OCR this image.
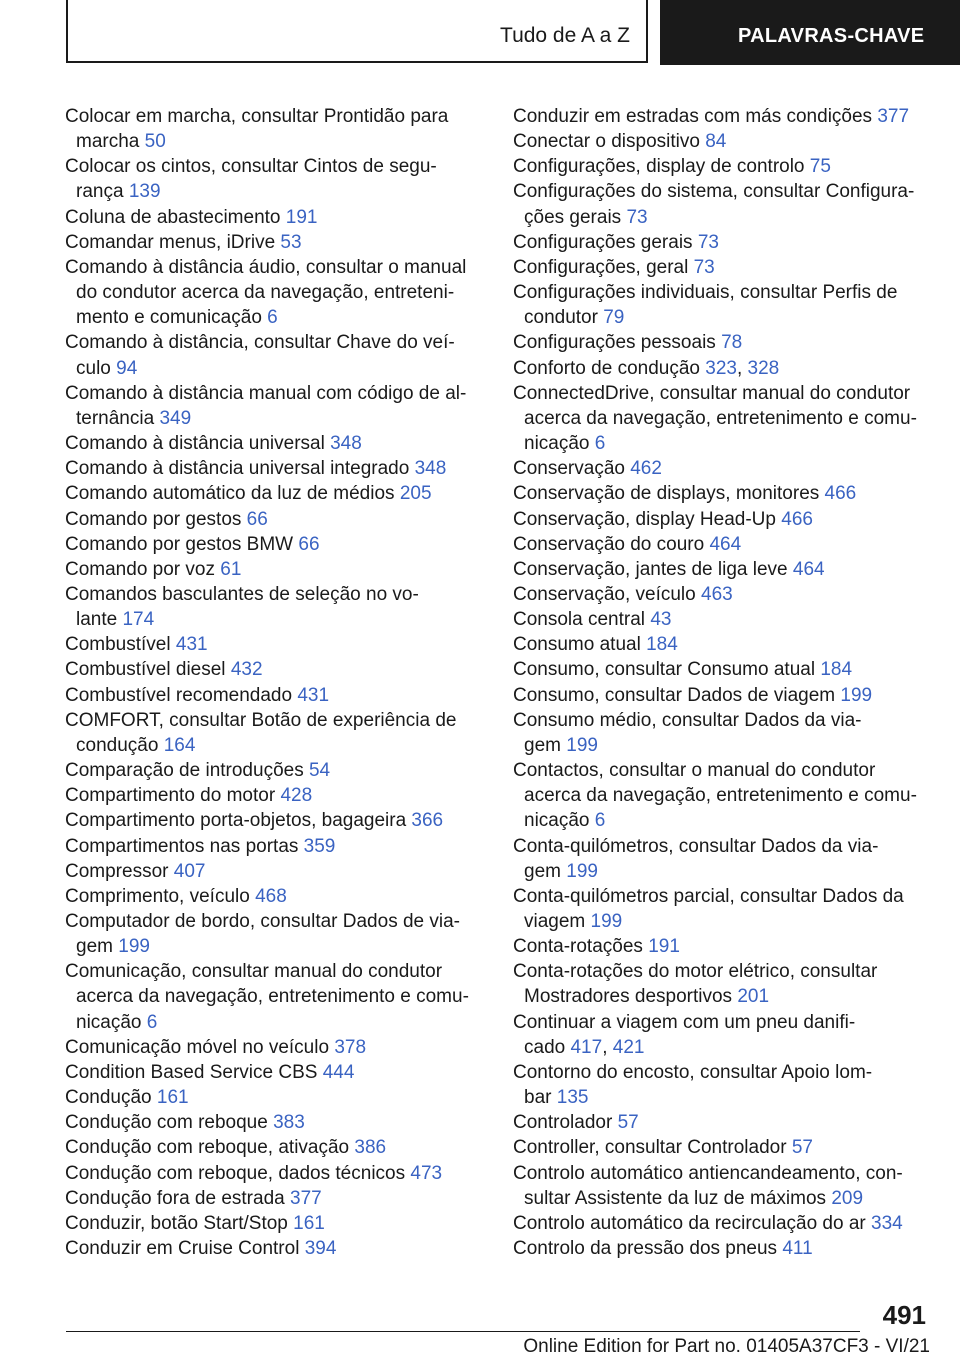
Tudo de A a Z	PALAVRAS-CHAVE
Colocar em marcha, consultar Prontidão para
marcha 50
Colocar os cintos, consultar Cintos de segu-
rança 139
Coluna de abastecimento 191
Comandar menus, iDrive 53
Comando à distância áudio, consultar o manual
do condutor acerca da navegação, entreteni-
mento e comunicação 6
Comando à distância, consultar Chave do veí-
culo 94
Comando à distância manual com código de al-
ternância 349
Comando à distância universal 348
Comando à distância universal integrado 348
Comando automático da luz de médios 205
Comando por gestos 66
Comando por gestos BMW 66
Comando por voz 61
Comandos basculantes de seleção no vo-
lante 174
Combustível 431
Combustível diesel 432
Combustível recomendado 431
COMFORT, consultar Botão de experiência de
condução 164
Comparação de introduções 54
Compartimento do motor 428
Compartimento porta-objetos, bagageira 366
Compartimentos nas portas 359
Compressor 407
Comprimento, veículo 468
Computador de bordo, consultar Dados de via-
gem 199
Comunicação, consultar manual do condutor
acerca da navegação, entretenimento e comu-
nicação 6
Comunicação móvel no veículo 378
Condition Based Service CBS 444
Condução 161
Condução com reboque 383
Condução com reboque, ativação 386
Condução com reboque, dados técnicos 473
Condução fora de estrada 377
Conduzir, botão Start/Stop 161
Conduzir em Cruise Control 394
Conduzir em estradas com más condições 377
Conectar o dispositivo 84
Configurações, display de controlo 75
Configurações do sistema, consultar Configura-
ções gerais 73
Configurações gerais 73
Configurações, geral 73
Configurações individuais, consultar Perfis de
condutor 79
Configurações pessoais 78
Conforto de condução 323, 328
ConnectedDrive, consultar manual do condutor
acerca da navegação, entretenimento e comu-
nicação 6
Conservação 462
Conservação de displays, monitores 466
Conservação, display Head-Up 466
Conservação do couro 464
Conservação, jantes de liga leve 464
Conservação, veículo 463
Consola central 43
Consumo atual 184
Consumo, consultar Consumo atual 184
Consumo, consultar Dados de viagem 199
Consumo médio, consultar Dados da via-
gem 199
Contactos, consultar o manual do condutor
acerca da navegação, entretenimento e comu-
nicação 6
Conta-quilómetros, consultar Dados da via-
gem 199
Conta-quilómetros parcial, consultar Dados da
viagem 199
Conta-rotações 191
Conta-rotações do motor elétrico, consultar
Mostradores desportivos 201
Continuar a viagem com um pneu danifi-
cado 417, 421
Contorno do encosto, consultar Apoio lom-
bar 135
Controlador 57
Controller, consultar Controlador 57
Controlo automático antiencandeamento, con-
sultar Assistente da luz de máximos 209
Controlo automático da recirculação do ar 334
Controlo da pressão dos pneus 411
491
Online Edition for Part no. 01405A37CF3 - VI/21
